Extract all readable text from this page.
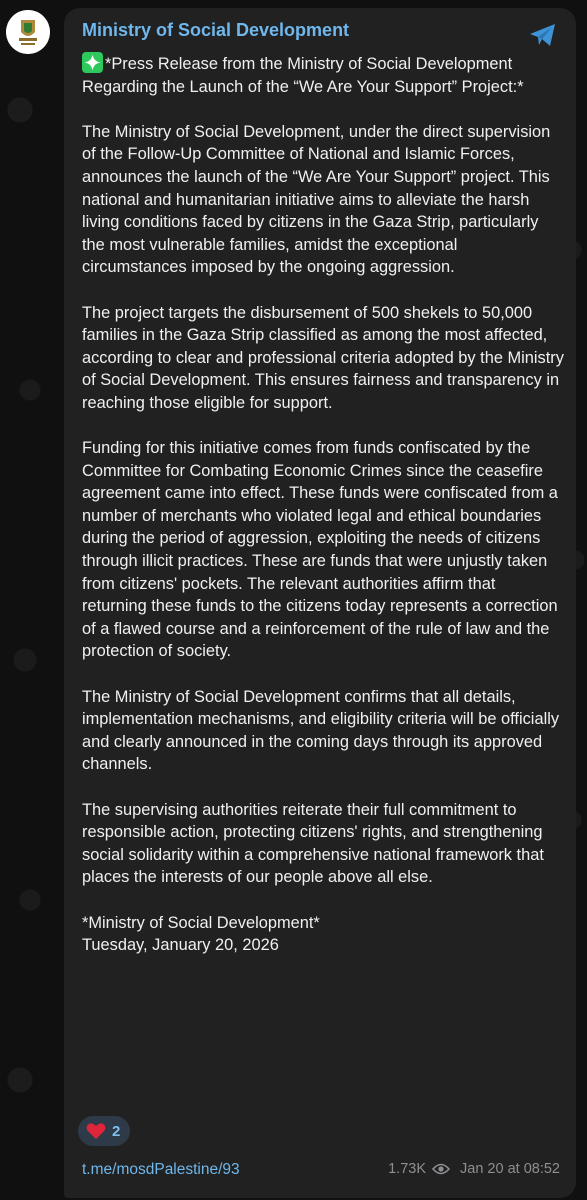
Ministry of Social Development

*Press Release from the Ministry of Social Development Regarding the Launch of the “We Are Your Support” Project:*

The Ministry of Social Development, under the direct supervision of the Follow-Up Committee of National and Islamic Forces, announces the launch of the “We Are Your Support” project. This national and humanitarian initiative aims to alleviate the harsh living conditions faced by citizens in the Gaza Strip, particularly the most vulnerable families, amidst the exceptional circumstances imposed by the ongoing aggression.

The project targets the disbursement of 500 shekels to 50,000 families in the Gaza Strip classified as among the most affected, according to clear and professional criteria adopted by the Ministry of Social Development. This ensures fairness and transparency in reaching those eligible for support.

Funding for this initiative comes from funds confiscated by the Committee for Combating Economic Crimes since the ceasefire agreement came into effect. These funds were confiscated from a number of merchants who violated legal and ethical boundaries during the period of aggression, exploiting the needs of citizens through illicit practices. These are funds that were unjustly taken from citizens' pockets. The relevant authorities affirm that returning these funds to the citizens today represents a correction of a flawed course and a reinforcement of the rule of law and the protection of society.

The Ministry of Social Development confirms that all details, implementation mechanisms, and eligibility criteria will be officially and clearly announced in the coming days through its approved channels.

The supervising authorities reiterate their full commitment to responsible action, protecting citizens' rights, and strengthening social solidarity within a comprehensive national framework that places the interests of our people above all else.

*Ministry of Social Development*
Tuesday, January 20, 2026
2
t.me/mosdPalestine/93	1.73K Jan 20 at 08:52
